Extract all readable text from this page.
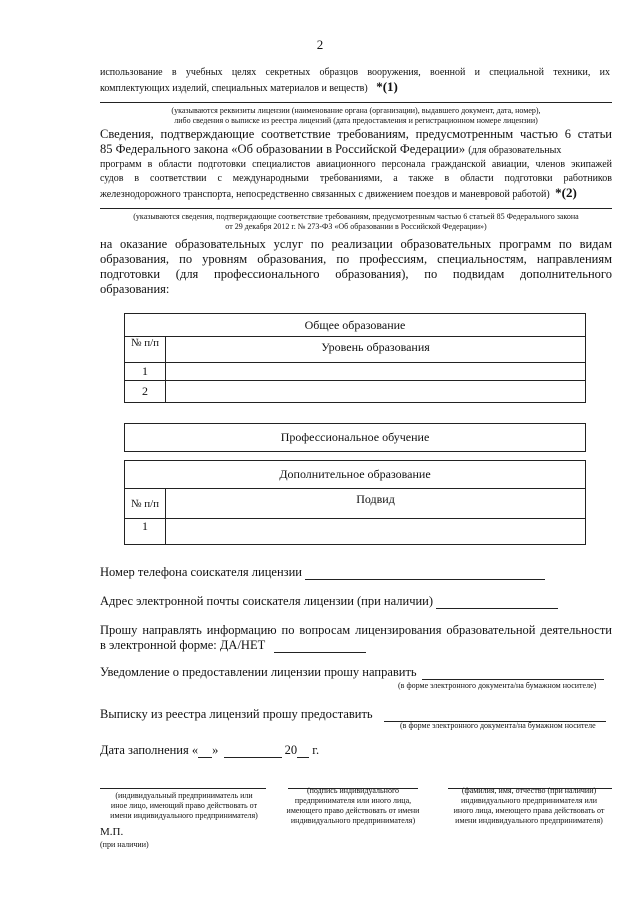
2
использование в учебных целях секретных образцов вооружения, военной и специальной техники, их
комплектующих изделий, специальных материалов и веществ) *(1)
(указываются реквизиты лицензии (наименование органа (организации), выдавшего документ, дата, номер),
либо сведения о выписке из реестра лицензий (дата предоставления и регистрационном номере лицензии)
Сведения, подтверждающие соответствие требованиям, предусмотренным частью 6 статьи
85 Федерального закона «Об образовании в Российской Федерации» (для образовательных
программ в области подготовки специалистов авиационного персонала гражданской авиации, членов экипажей
судов в соответствии с международными требованиями, а также в области подготовки работников
железнодорожного транспорта, непосредственно связанных с движением поездов и маневровой работой) *(2)
(указываются сведения, подтверждающие соответствие требованиям, предусмотренным частью 6 статьей 85 Федерального закона
от 29 декабря 2012 г. № 273-ФЗ «Об образовании в Российской Федерации»)
на оказание образовательных услуг по реализации образовательных программ по видам
образования, по уровням образования, по профессиям, специальностям, направлениям
подготовки (для профессионального образования), по подвидам дополнительного
образования:
Общее образование	
№ п/п	Уровень образования
1	
2	
Профессиональное обучение
Дополнительное образование	
№ п/п	Подвид
1	
Номер телефона соискателя лицензии
Адрес электронной почты соискателя лицензии (при наличии)
Прошу направлять информацию по вопросам лицензирования образовательной деятельности
в электронной форме: ДА/НЕТ
Уведомление о предоставлении лицензии прошу направить
(в форме электронного документа/на бумажном носителе)
Выписку из реестра лицензий прошу предоставить
(в форме электронного документа/на бумажном носителе
Дата заполнения « »	20 г.
(индивидуальный предприниматель или
иное лицо, имеющий право действовать от
имени индивидуального предпринимателя)
(подпись индивидуального
предпринимателя или иного лица,
имеющего право действовать от имени
индивидуального предпринимателя)
(фамилия, имя, отчество (при наличии)
индивидуального предпринимателя или
иного лица, имеющего права действовать от
имени индивидуального предпринимателя)
М.П.
(при наличии)
